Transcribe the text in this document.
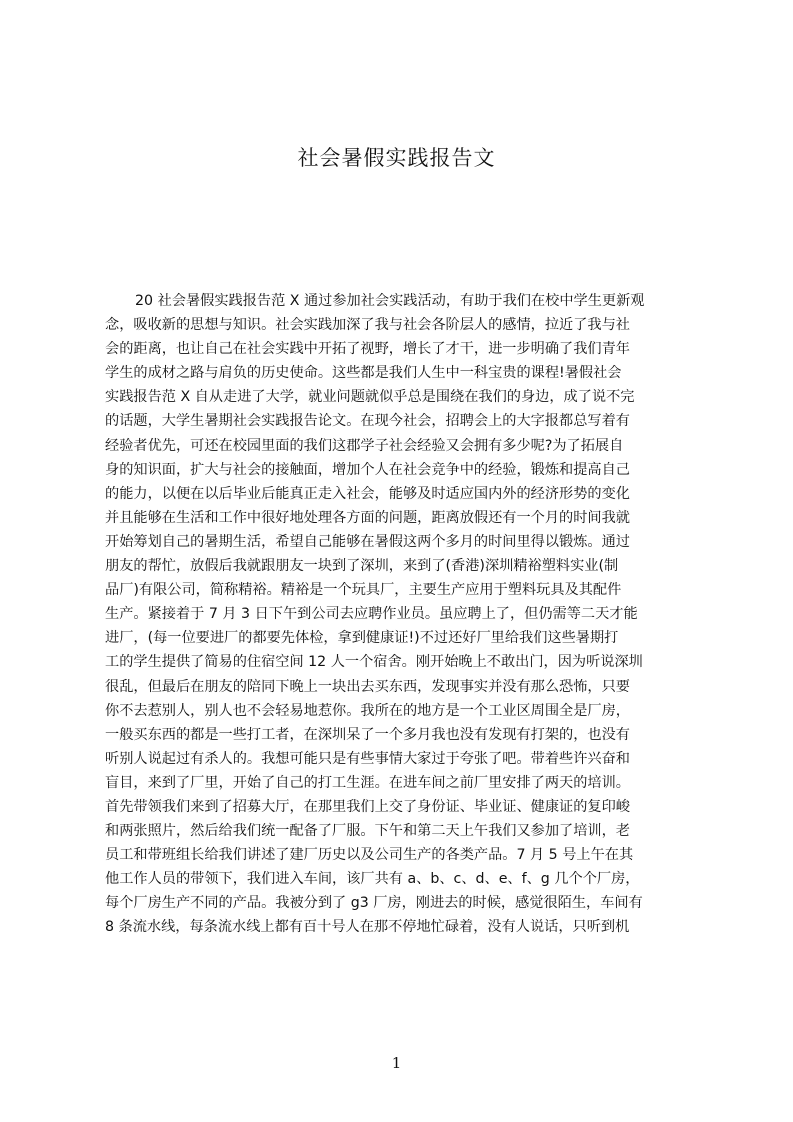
社会暑假实践报告文
20 社会暑假实践报告范 X 通过参加社会实践活动，有助于我们在校中学生更新观
念，吸收新的思想与知识。社会实践加深了我与社会各阶层人的感情，拉近了我与社
会的距离，也让自己在社会实践中开拓了视野，增长了才干，进一步明确了我们青年
学生的成材之路与肩负的历史使命。这些都是我们人生中一科宝贵的课程!暑假社会
实践报告范 X 自从走进了大学，就业问题就似乎总是围绕在我们的身边，成了说不完
的话题，大学生暑期社会实践报告论文。在现今社会，招聘会上的大字报都总写着有
经验者优先，可还在校园里面的我们这郡学子社会经验又会拥有多少呢?为了拓展自
身的知识面，扩大与社会的接触面，增加个人在社会竞争中的经验，锻炼和提高自己
的能力，以便在以后毕业后能真正走入社会，能够及时适应国内外的经济形势的变化
并且能够在生活和工作中很好地处理各方面的问题，距离放假还有一个月的时间我就
开始筹划自己的暑期生活，希望自己能够在暑假这两个多月的时间里得以锻炼。通过
朋友的帮忙，放假后我就跟朋友一块到了深圳，来到了(香港)深圳精裕塑料实业(制
品厂)有限公司，简称精裕。精裕是一个玩具厂，主要生产应用于塑料玩具及其配件
生产。紧接着于 7 月 3 日下午到公司去应聘作业员。虽应聘上了，但仍需等二天才能
进厂，(每一位要进厂的都要先体检，拿到健康证!)不过还好厂里给我们这些暑期打
工的学生提供了简易的住宿空间 12 人一个宿舍。刚开始晚上不敢出门，因为听说深圳
很乱，但最后在朋友的陪同下晚上一块出去买东西，发现事实并没有那么恐怖，只要
你不去惹别人，别人也不会轻易地惹你。我所在的地方是一个工业区周围全是厂房，
一般买东西的都是一些打工者，在深圳呆了一个多月我也没有发现有打架的，也没有
听别人说起过有杀人的。我想可能只是有些事情大家过于夸张了吧。带着些许兴奋和
盲目，来到了厂里，开始了自己的打工生涯。在进车间之前厂里安排了两天的培训。
首先带领我们来到了招募大厅，在那里我们上交了身份证、毕业证、健康证的复印峻
和两张照片，然后给我们统一配备了厂服。下午和第二天上午我们又参加了培训，老
员工和带班组长给我们讲述了建厂历史以及公司生产的各类产品。7 月 5 号上午在其
他工作人员的带领下，我们进入车间，该厂共有 a、b、c、d、e、f、g 几个个厂房，
每个厂房生产不同的产品。我被分到了 g3 厂房，刚进去的时候，感觉很陌生，车间有
8 条流水线，每条流水线上都有百十号人在那不停地忙碌着，没有人说话，只听到机
1
